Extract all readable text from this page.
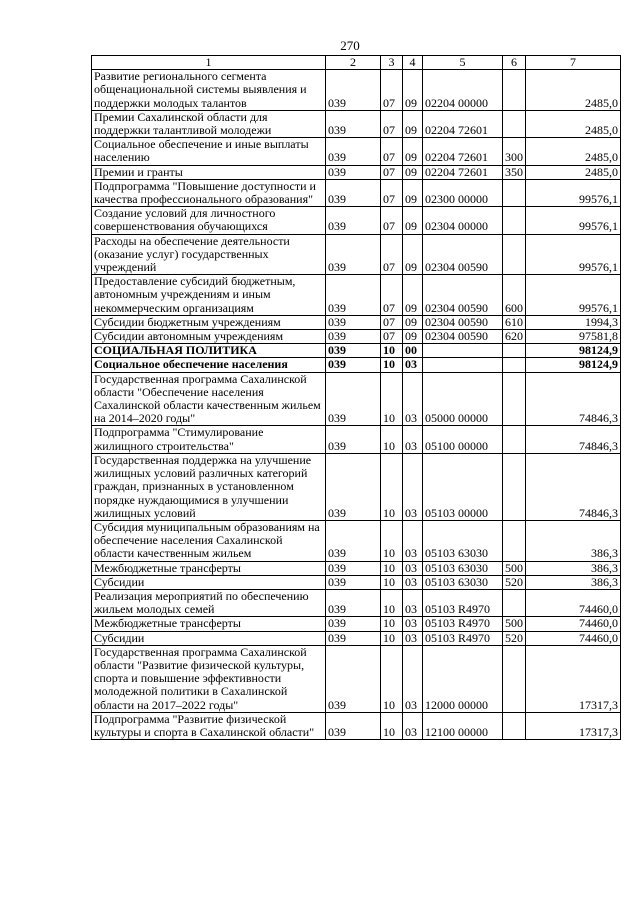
270
1	2	3	4	5	6	7
Развитие регионального сегмента общенациональной системы выявления и поддержки молодых талантов	039	07	09	02204 00000		2485,0
Премии Сахалинской области для поддержки талантливой молодежи	039	07	09	02204 72601		2485,0
Социальное обеспечение и иные выплаты населению	039	07	09	02204 72601	300	2485,0
Премии и гранты	039	07	09	02204 72601	350	2485,0
Подпрограмма "Повышение доступности и качества профессионального образования"	039	07	09	02300 00000		99576,1
Создание условий для личностного совершенствования обучающихся	039	07	09	02304 00000		99576,1
Расходы на обеспечение деятельности (оказание услуг) государственных учреждений	039	07	09	02304 00590		99576,1
Предоставление субсидий бюджетным, автономным учреждениям и иным некоммерческим организациям	039	07	09	02304 00590	600	99576,1
Субсидии бюджетным учреждениям	039	07	09	02304 00590	610	1994,3
Субсидии автономным учреждениям	039	07	09	02304 00590	620	97581,8
СОЦИАЛЬНАЯ ПОЛИТИКА	039	10	00			98124,9
Социальное обеспечение населения	039	10	03			98124,9
Государственная программа Сахалинской области "Обеспечение населения Сахалинской области качественным жильем на 2014–2020 годы"	039	10	03	05000 00000		74846,3
Подпрограмма "Стимулирование жилищного строительства"	039	10	03	05100 00000		74846,3
Государственная поддержка на улучшение жилищных условий различных категорий граждан, признанных в установленном порядке нуждающимися в улучшении жилищных условий	039	10	03	05103 00000		74846,3
Субсидия муниципальным образованиям на обеспечение населения Сахалинской области качественным жильем	039	10	03	05103 63030		386,3
Межбюджетные трансферты	039	10	03	05103 63030	500	386,3
Субсидии	039	10	03	05103 63030	520	386,3
Реализация мероприятий по обеспечению жильем молодых семей	039	10	03	05103 R4970		74460,0
Межбюджетные трансферты	039	10	03	05103 R4970	500	74460,0
Субсидии	039	10	03	05103 R4970	520	74460,0
Государственная программа Сахалинской области "Развитие физической культуры, спорта и повышение эффективности молодежной политики в Сахалинской области на 2017–2022 годы"	039	10	03	12000 00000		17317,3
Подпрограмма "Развитие физической культуры и спорта в Сахалинской области"	039	10	03	12100 00000		17317,3
